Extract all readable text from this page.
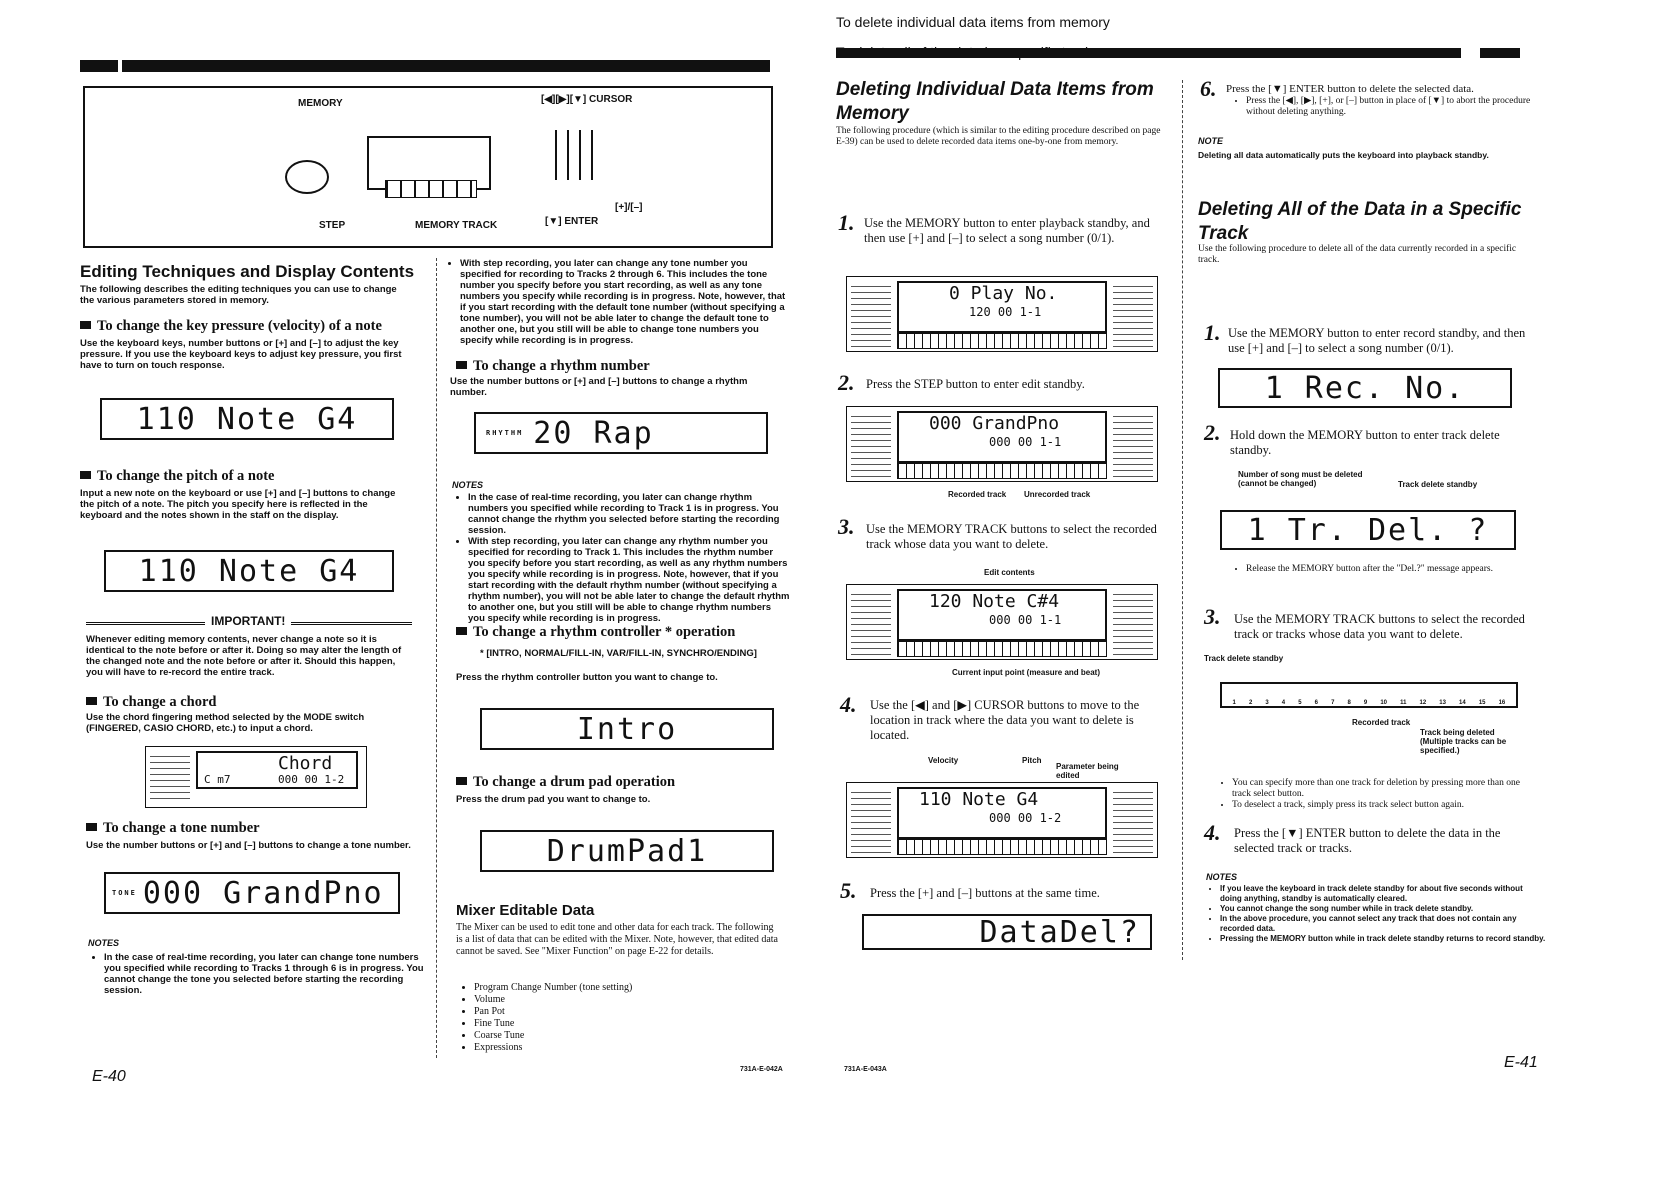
MEMORY	[◀][▶][▼] CURSOR
STEP	MEMORY TRACK	[▼] ENTER
[+]/[–]
Editing Techniques and Display Contents

The following describes the editing techniques you can use to change the various parameters stored in memory.

To change the key pressure (velocity) of a note

Use the keyboard keys, number buttons or [+] and [–] to adjust the key pressure. If you use the keyboard keys to adjust key pressure, you first have to turn on touch response.

110 Note G4
To change the pitch of a note

Input a new note on the keyboard or use [+] and [–] buttons to change the pitch of a note. The pitch you specify here is reflected in the keyboard and the notes shown in the staff on the display.

110 Note G4
IMPORTANT!

Whenever editing memory contents, never change a note so it is identical to the note before or after it. Doing so may alter the length of the changed note and the note before or after it. Should this happen, you will have to re-record the entire track.

To change a chord

Use the chord fingering method selected by the MODE switch (FINGERED, CASIO CHORD, etc.) to input a chord.

Chord
C m7	000 00 1-2
To change a tone number

Use the number buttons or [+] and [–] buttons to change a tone number.

TONE 000 GrandPno
NOTES
• In the case of real-time recording, you later can change tone numbers you specified while recording to Tracks 1 through 6 is in progress. You cannot change the tone you selected before starting the recording session.
• With step recording, you later can change any tone number you specified for recording to Tracks 2 through 6. This includes the tone number you specify before you start recording, as well as any tone numbers you specify while recording is in progress. Note, however, that if you start recording with the default tone number (without specifying a tone number), you will not be able later to change the default tone to another one, but you still will be able to change tone numbers you specify while recording is in progress.
To change a rhythm number

Use the number buttons or [+] and [–] buttons to change a rhythm number.

RHYTHM 20 Rap
NOTES
• In the case of real-time recording, you later can change rhythm numbers you specified while recording to Track 1 is in progress. You cannot change the rhythm you selected before starting the recording session.
• With step recording, you later can change any rhythm number you specified for recording to Track 1. This includes the rhythm number you specify before you start recording, as well as any rhythm numbers you specify while recording is in progress. Note, however, that if you start recording with the default rhythm number (without specifying a rhythm number), you will not be able later to change the default rhythm to another one, but you still will be able to change rhythm numbers you specify while recording is in progress.
To change a rhythm controller * operation

* [INTRO, NORMAL/FILL-IN, VAR/FILL-IN, SYNCHRO/ENDING]

Press the rhythm controller button you want to change to.

Intro
To change a drum pad operation

Press the drum pad you want to change to.

DrumPad1
Mixer Editable Data

The Mixer can be used to edit tone and other data for each track. The following is a list of data that can be edited with the Mixer. Note, however, that edited data cannot be saved. See "Mixer Function" on page E-22 for details.

• Program Change Number (tone setting)
• Volume
• Pan Pot
• Fine Tune
• Coarse Tune
• Expressions
E-40	731A-E-042A
Deleting Individual Data Items from Memory

The following procedure (which is similar to the editing procedure described on page E-39) can be used to delete recorded data items one-by-one from memory.

To delete individual data items from memory
1. Use the MEMORY button to enter playback standby, and then use [+] and [–] to select a song number (0/1).

0 Play No.
120 00 1-1
2. Press the STEP button to enter edit standby.

000 GrandPno
000 00 1-1
Recorded track Unrecorded track
3. Use the MEMORY TRACK buttons to select the recorded track whose data you want to delete.

Edit contents
120 Note C#4
000 00 1-1
Current input point (measure and beat)
4. Use the [◀] and [▶] CURSOR buttons to move to the location in track where the data you want to delete is located.

Velocity	Pitch
Parameter being edited
110 Note G4
000 00 1-2
5. Press the [+] and [–] buttons at the same time.

DataDel?
6. Press the [▼] ENTER button to delete the selected data.

• Press the [◀], [▶], [+], or [–] button in place of [▼] to abort the procedure without deleting anything.
NOTE

Deleting all data automatically puts the keyboard into playback standby.

Deleting All of the Data in a Specific Track

Use the following procedure to delete all of the data currently recorded in a specific track.

1. Use the MEMORY button to enter record standby, and then use [+] and [–] to select a song number (0/1).

1 Rec. No.
2. Hold down the MEMORY button to enter track delete standby.

Number of song must be deleted (cannot be changed)	Track delete standby
1 Tr. Del. ?
• Release the MEMORY button after the "Del.?" message appears.
3. Use the MEMORY TRACK buttons to select the recorded track or tracks whose data you want to delete.

Track delete standby
1 2 3 4 5 6 7 8 9 10 11 12 13 14 15 16
Recorded track
Track being deleted (Multiple tracks can be specified.)
• You can specify more than one track for deletion by pressing more than one track select button.
• To deselect a track, simply press its track select button again.
4. Press the [▼] ENTER button to delete the data in the selected track or tracks.

NOTES
• If you leave the keyboard in track delete standby for about five seconds without doing anything, standby is automatically cleared.
• You cannot change the song number while in track delete standby.
• In the above procedure, you cannot select any track that does not contain any recorded data.
• Pressing the MEMORY button while in track delete standby returns to record standby.
731A-E-043A	E-41
